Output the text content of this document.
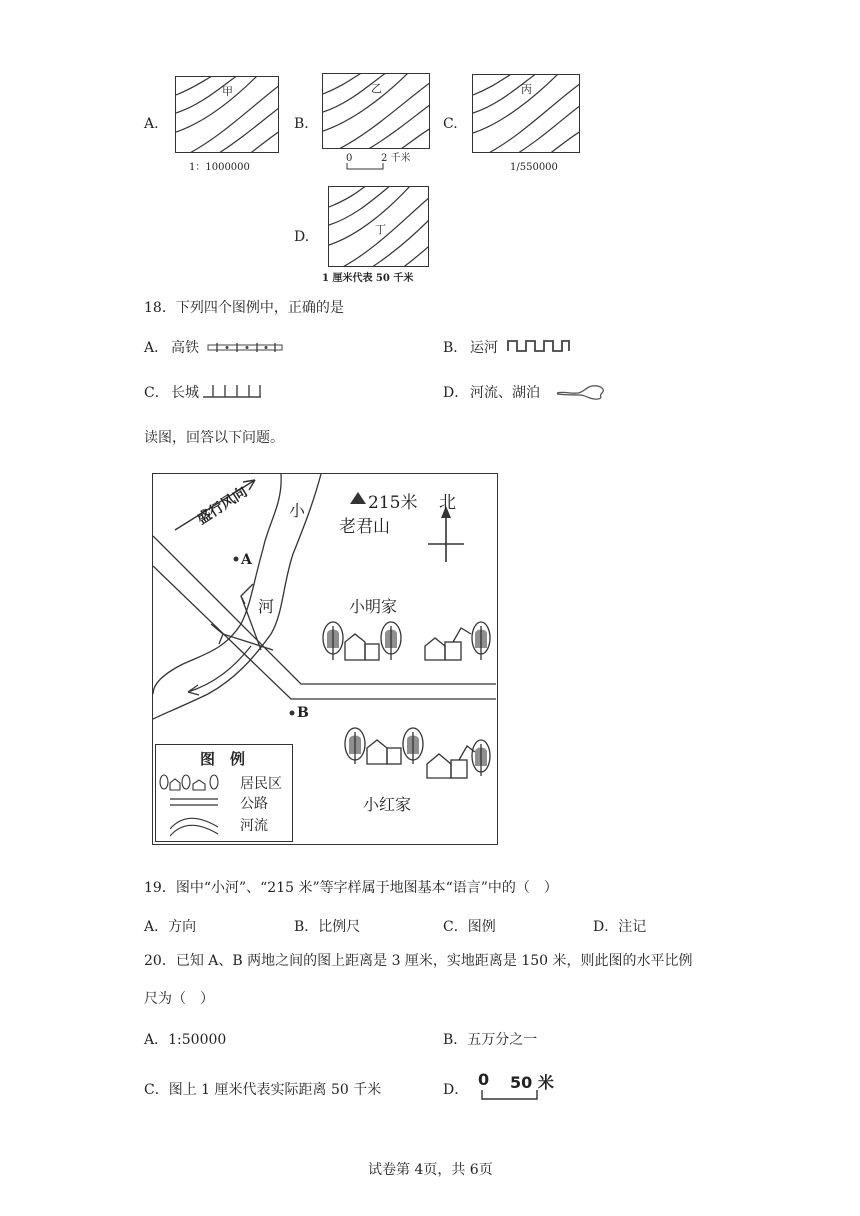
A.
甲
1：1000000
B.
乙
0	2 千米
C.
丙
1/550000
D.	丁
1 厘米代表 50 千米
18．下列四个图例中，正确的是
A． 高铁	B． 运河
C． 长城	D． 河流、湖泊
读图，回答以下问题。
盛行风向 小
河
215米
老君山
北
A
B
小明家
小红家
图　例
居民区
公路
河流
19．图中“小河”、“215 米”等字样属于地图基本“语言”中的（　）
A．方向	B．比例尺	C．图例	D．注记
20．已知 A、B 两地之间的图上距离是 3 厘米，实地距离是 150 米，则此图的水平比例
尺为（　）
A．1:50000	B．五万分之一
C．图上 1 厘米代表实际距离 50 千米	D．
0 50 米
试卷第 4页，共 6页
